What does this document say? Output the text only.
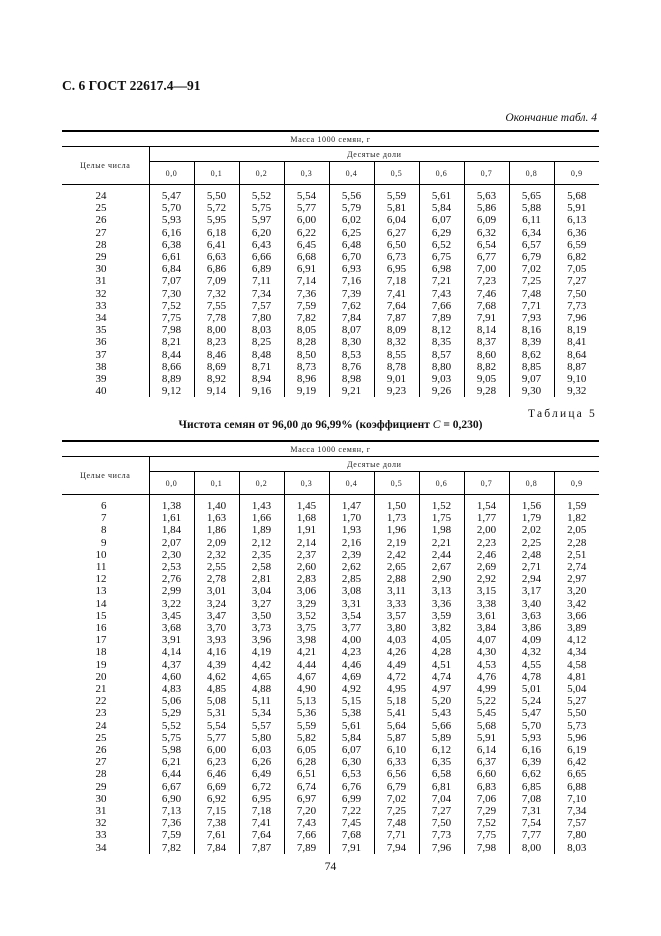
С. 6 ГОСТ 22617.4—91
Окончание табл. 4
Масса 1000 семян, г										
Целые числа	Десятые доли									
	0,0	0,1	0,2	0,3	0,4	0,5	0,6	0,7	0,8	0,9
24	5,47	5,50	5,52	5,54	5,56	5,59	5,61	5,63	5,65	5,68
25	5,70	5,72	5,75	5,77	5,79	5,81	5,84	5,86	5,88	5,91
26	5,93	5,95	5,97	6,00	6,02	6,04	6,07	6,09	6,11	6,13
27	6,16	6,18	6,20	6,22	6,25	6,27	6,29	6,32	6,34	6,36
28	6,38	6,41	6,43	6,45	6,48	6,50	6,52	6,54	6,57	6,59
29	6,61	6,63	6,66	6,68	6,70	6,73	6,75	6,77	6,79	6,82
30	6,84	6,86	6,89	6,91	6,93	6,95	6,98	7,00	7,02	7,05
31	7,07	7,09	7,11	7,14	7,16	7,18	7,21	7,23	7,25	7,27
32	7,30	7,32	7,34	7,36	7,39	7,41	7,43	7,46	7,48	7,50
33	7,52	7,55	7,57	7,59	7,62	7,64	7,66	7,68	7,71	7,73
34	7,75	7,78	7,80	7,82	7,84	7,87	7,89	7,91	7,93	7,96
35	7,98	8,00	8,03	8,05	8,07	8,09	8,12	8,14	8,16	8,19
36	8,21	8,23	8,25	8,28	8,30	8,32	8,35	8,37	8,39	8,41
37	8,44	8,46	8,48	8,50	8,53	8,55	8,57	8,60	8,62	8,64
38	8,66	8,69	8,71	8,73	8,76	8,78	8,80	8,82	8,85	8,87
39	8,89	8,92	8,94	8,96	8,98	9,01	9,03	9,05	9,07	9,10
40	9,12	9,14	9,16	9,19	9,21	9,23	9,26	9,28	9,30	9,32
Таблица 5
Чистота семян от 96,00 до 96,99% (коэффициент C = 0,230)
Масса 1000 семян, г										
Целые числа	Десятые доли									
	0,0	0,1	0,2	0,3	0,4	0,5	0,6	0,7	0,8	0,9
6	1,38	1,40	1,43	1,45	1,47	1,50	1,52	1,54	1,56	1,59
7	1,61	1,63	1,66	1,68	1,70	1,73	1,75	1,77	1,79	1,82
8	1,84	1,86	1,89	1,91	1,93	1,96	1,98	2,00	2,02	2,05
9	2,07	2,09	2,12	2,14	2,16	2,19	2,21	2,23	2,25	2,28
10	2,30	2,32	2,35	2,37	2,39	2,42	2,44	2,46	2,48	2,51
11	2,53	2,55	2,58	2,60	2,62	2,65	2,67	2,69	2,71	2,74
12	2,76	2,78	2,81	2,83	2,85	2,88	2,90	2,92	2,94	2,97
13	2,99	3,01	3,04	3,06	3,08	3,11	3,13	3,15	3,17	3,20
14	3,22	3,24	3,27	3,29	3,31	3,33	3,36	3,38	3,40	3,42
15	3,45	3,47	3,50	3,52	3,54	3,57	3,59	3,61	3,63	3,66
16	3,68	3,70	3,73	3,75	3,77	3,80	3,82	3,84	3,86	3,89
17	3,91	3,93	3,96	3,98	4,00	4,03	4,05	4,07	4,09	4,12
18	4,14	4,16	4,19	4,21	4,23	4,26	4,28	4,30	4,32	4,34
19	4,37	4,39	4,42	4,44	4,46	4,49	4,51	4,53	4,55	4,58
20	4,60	4,62	4,65	4,67	4,69	4,72	4,74	4,76	4,78	4,81
21	4,83	4,85	4,88	4,90	4,92	4,95	4,97	4,99	5,01	5,04
22	5,06	5,08	5,11	5,13	5,15	5,18	5,20	5,22	5,24	5,27
23	5,29	5,31	5,34	5,36	5,38	5,41	5,43	5,45	5,47	5,50
24	5,52	5,54	5,57	5,59	5,61	5,64	5,66	5,68	5,70	5,73
25	5,75	5,77	5,80	5,82	5,84	5,87	5,89	5,91	5,93	5,96
26	5,98	6,00	6,03	6,05	6,07	6,10	6,12	6,14	6,16	6,19
27	6,21	6,23	6,26	6,28	6,30	6,33	6,35	6,37	6,39	6,42
28	6,44	6,46	6,49	6,51	6,53	6,56	6,58	6,60	6,62	6,65
29	6,67	6,69	6,72	6,74	6,76	6,79	6,81	6,83	6,85	6,88
30	6,90	6,92	6,95	6,97	6,99	7,02	7,04	7,06	7,08	7,10
31	7,13	7,15	7,18	7,20	7,22	7,25	7,27	7,29	7,31	7,34
32	7,36	7,38	7,41	7,43	7,45	7,48	7,50	7,52	7,54	7,57
33	7,59	7,61	7,64	7,66	7,68	7,71	7,73	7,75	7,77	7,80
34	7,82	7,84	7,87	7,89	7,91	7,94	7,96	7,98	8,00	8,03
74
